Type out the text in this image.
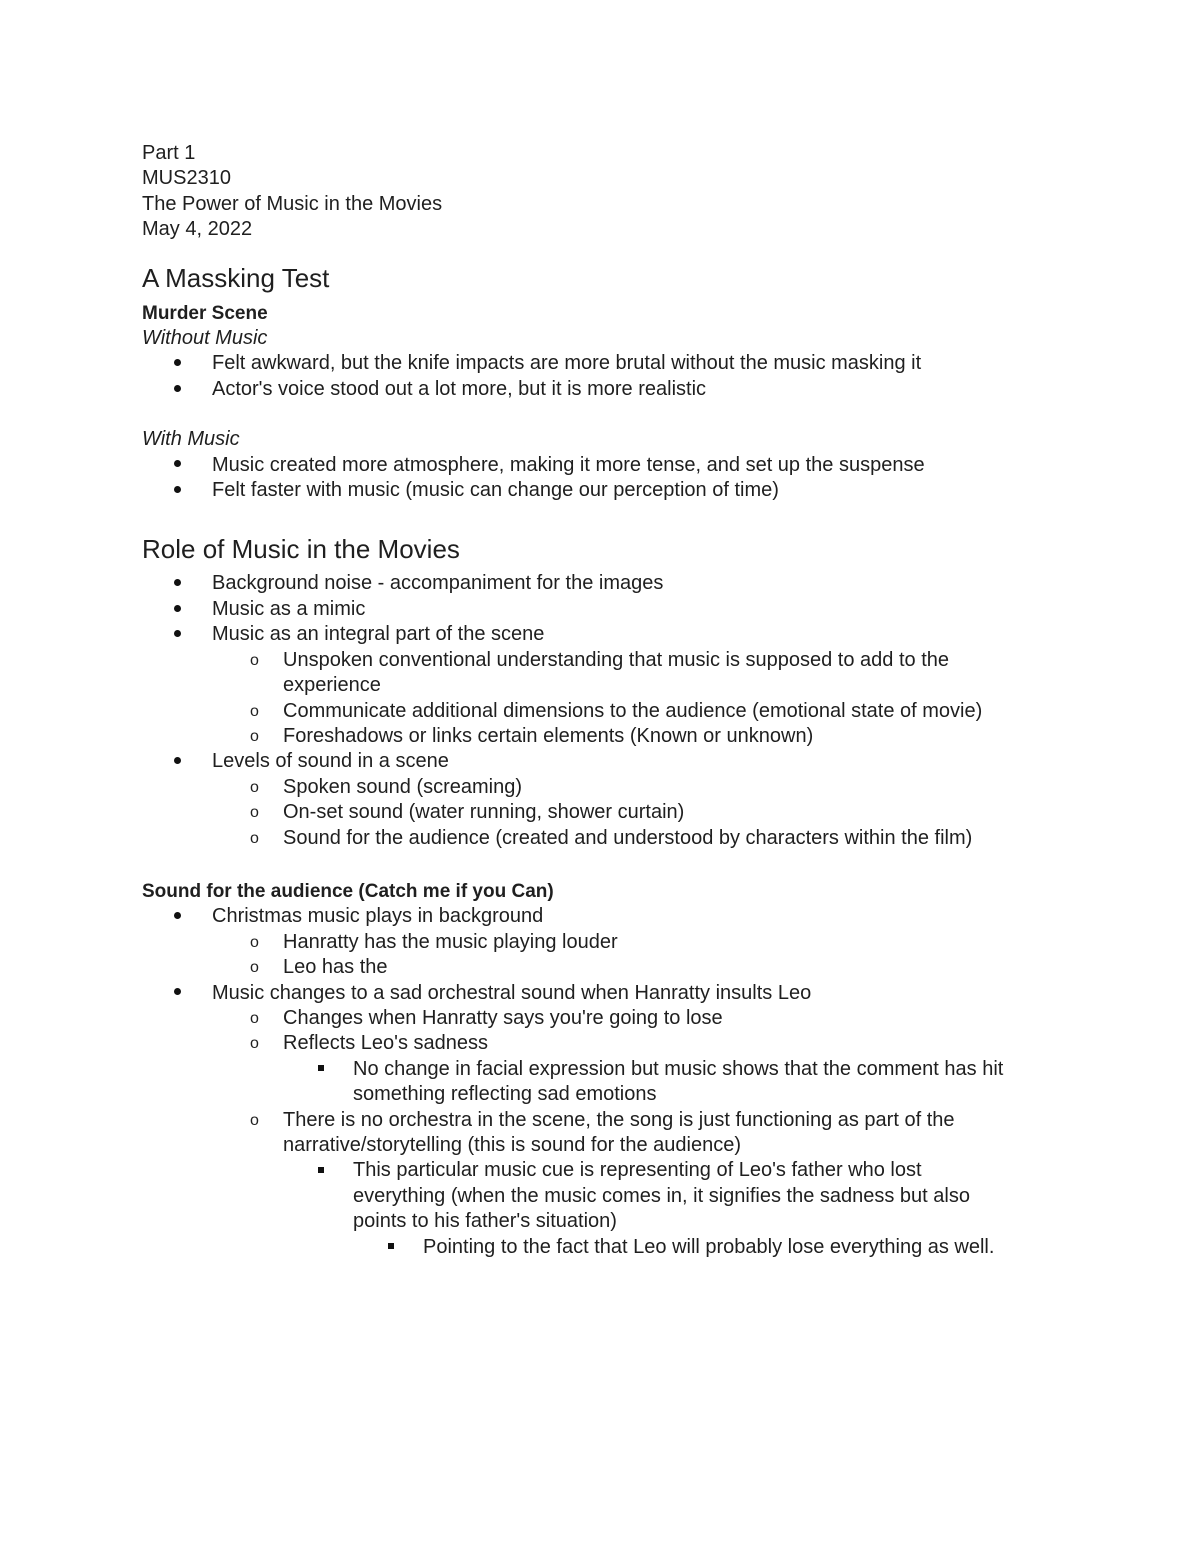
Part 1
MUS2310
The Power of Music in the Movies
May 4, 2022
A Massking Test
Murder Scene
Without Music
Felt awkward, but the knife impacts are more brutal without the music masking it
Actor's voice stood out a lot more, but it is more realistic
With Music
Music created more atmosphere, making it more tense, and set up the suspense
Felt faster with music (music can change our perception of time)
Role of Music in the Movies
Background noise - accompaniment for the images
Music as a mimic
Music as an integral part of the scene
o Unspoken conventional understanding that music is supposed to add to the
experience
o Communicate additional dimensions to the audience (emotional state of movie)
o Foreshadows or links certain elements (Known or unknown)
Levels of sound in a scene
o Spoken sound (screaming)
o On-set sound (water running, shower curtain)
o Sound for the audience (created and understood by characters within the film)
Sound for the audience (Catch me if you Can)
Christmas music plays in background
o Hanratty has the music playing louder
o Leo has the
Music changes to a sad orchestral sound when Hanratty insults Leo
o Changes when Hanratty says you're going to lose
o Reflects Leo's sadness
No change in facial expression but music shows that the comment has hit
something reflecting sad emotions
o There is no orchestra in the scene, the song is just functioning as part of the
narrative/storytelling (this is sound for the audience)
This particular music cue is representing of Leo's father who lost
everything (when the music comes in, it signifies the sadness but also
points to his father's situation)
Pointing to the fact that Leo will probably lose everything as well.
